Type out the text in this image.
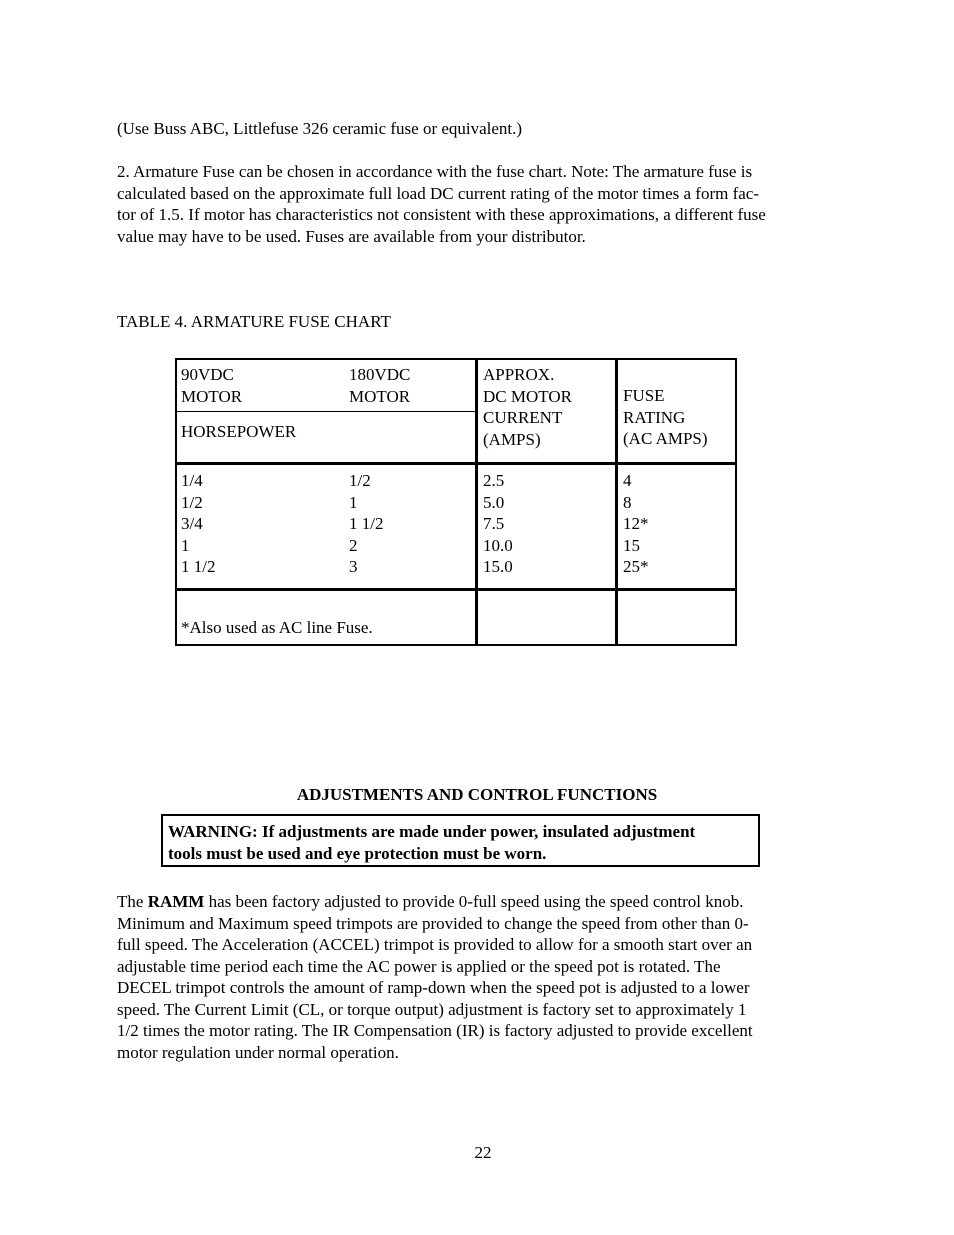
(Use Buss ABC, Littlefuse 326 ceramic fuse or equivalent.)

2. Armature Fuse can be chosen in accordance with the fuse chart. Note: The armature fuse is
calculated based on the approximate full load DC current rating of the motor times a form fac-
tor of 1.5. If motor has characteristics not consistent with these approximations, a different fuse
value may have to be used. Fuses are available from your distributor.

TABLE 4. ARMATURE FUSE CHART

90VDC
MOTOR
180VDC
MOTOR
HORSEPOWER
APPROX.
DC MOTOR
CURRENT
(AMPS)
FUSE
RATING
(AC AMPS)
1/4
1/2
3/4
1
1 1/2
1/2
1
1 1/2
2
3
2.5
5.0
7.5
10.0
15.0
4
8
12*
15
25*
*Also used as AC line Fuse.

ADJUSTMENTS AND CONTROL FUNCTIONS

WARNING: If adjustments are made under power, insulated adjustment
tools must be used and eye protection must be worn.
The RAMM has been factory adjusted to provide 0-full speed using the speed control knob.
Minimum and Maximum speed trimpots are provided to change the speed from other than 0-
full speed. The Acceleration (ACCEL) trimpot is provided to allow for a smooth start over an
adjustable time period each time the AC power is applied or the speed pot is rotated. The
DECEL trimpot controls the amount of ramp-down when the speed pot is adjusted to a lower
speed. The Current Limit (CL, or torque output) adjustment is factory set to approximately 1
1/2 times the motor rating. The IR Compensation (IR) is factory adjusted to provide excellent
motor regulation under normal operation.

22
